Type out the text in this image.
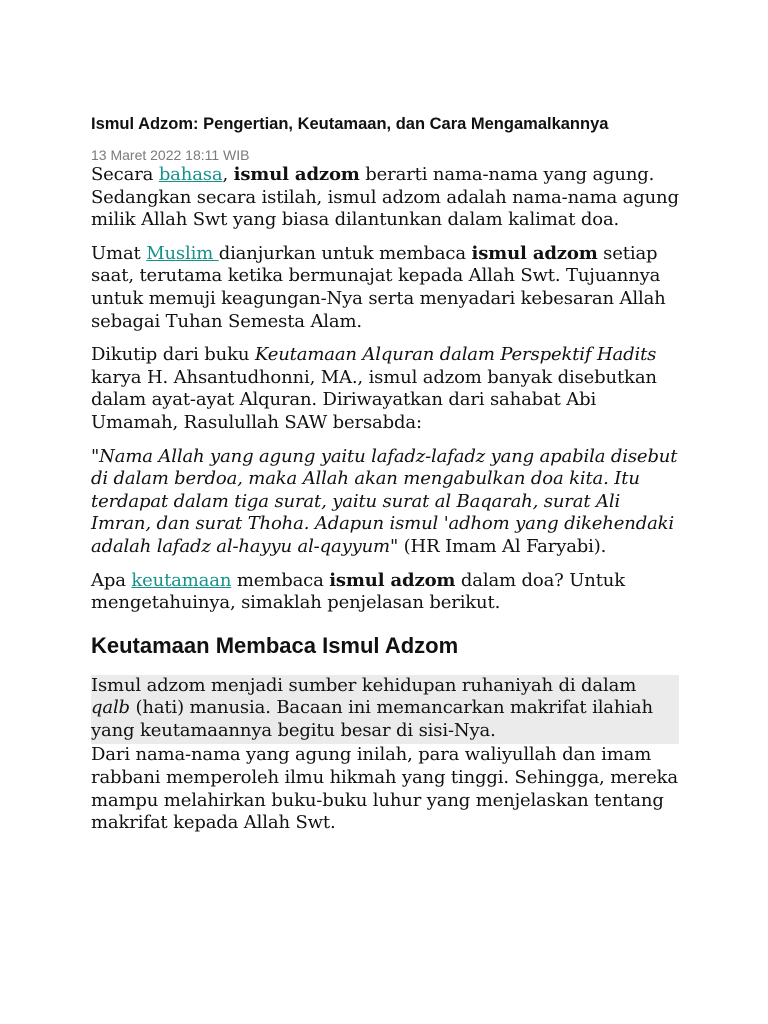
Ismul Adzom: Pengertian, Keutamaan, dan Cara Mengamalkannya
13 Maret 2022 18:11 WIB

Secara bahasa, ismul adzom berarti nama-nama yang agung. Sedangkan secara istilah, ismul adzom adalah nama-nama agung milik Allah Swt yang biasa dilantunkan dalam kalimat doa.

Umat Muslim dianjurkan untuk membaca ismul adzom setiap saat, terutama ketika bermunajat kepada Allah Swt. Tujuannya untuk memuji keagungan-Nya serta menyadari kebesaran Allah sebagai Tuhan Semesta Alam.

Dikutip dari buku Keutamaan Alquran dalam Perspektif Hadits karya H. Ahsantudhonni, MA., ismul adzom banyak disebutkan dalam ayat-ayat Alquran. Diriwayatkan dari sahabat Abi Umamah, Rasulullah SAW bersabda:

"Nama Allah yang agung yaitu lafadz-lafadz yang apabila disebut di dalam berdoa, maka Allah akan mengabulkan doa kita. Itu terdapat dalam tiga surat, yaitu surat al Baqarah, surat Ali Imran, dan surat Thoha. Adapun ismul 'adhom yang dikehendaki adalah lafadz al-hayyu al-qayyum" (HR Imam Al Faryabi).

Apa keutamaan membaca ismul adzom dalam doa? Untuk mengetahuinya, simaklah penjelasan berikut.

Keutamaan Membaca Ismul Adzom

Ismul adzom menjadi sumber kehidupan ruhaniyah di dalam qalb (hati) manusia. Bacaan ini memancarkan makrifat ilahiah yang keutamaannya begitu besar di sisi-Nya.

Dari nama-nama yang agung inilah, para waliyullah dan imam rabbani memperoleh ilmu hikmah yang tinggi. Sehingga, mereka mampu melahirkan buku-buku luhur yang menjelaskan tentang makrifat kepada Allah Swt.
